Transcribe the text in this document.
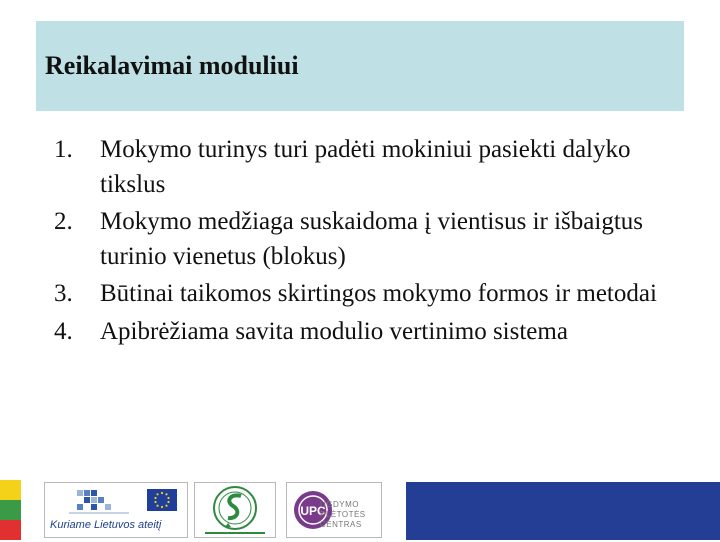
Reikalavimai moduliui
1.	Mokymo turinys turi padėti mokiniui pasiekti dalyko tikslus
2.	Mokymo medžiaga suskaidoma į vientisus ir išbaigtus turinio vienetus (blokus)
3.	Būtinai taikomos skirtingos mokymo formos ir metodai
4.	Apibrėžiama savita modulio vertinimo sistema
Kuriame Lietuvos ateitį
UPC
UGDYMO PLĖTOTĖS CENTRAS
